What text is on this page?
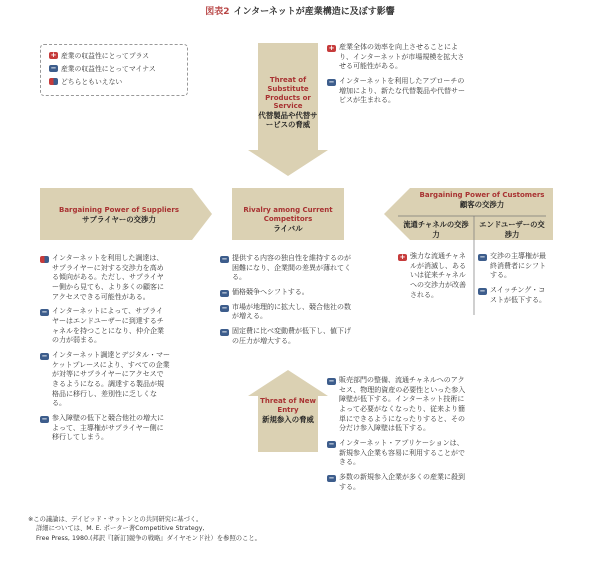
図表2 インターネットが産業構造に及ぼす影響
+ 産業の収益性にとってプラス
− 産業の収益性にとってマイナス
どちらともいえない	Threat of Substitute Products or Service
代替製品や代替サービスの脅威
Bargaining Power of Suppliers
サプライヤーの交渉力
Rivalry among Current Competitors
ライバル
Bargaining Power of Customers
顧客の交渉力
流通チャネルの交渉力
エンドユーザーの交渉力
Threat of New Entry
新規参入の脅威
+ 産業全体の効率を向上させることにより、インターネットが市場規模を拡大させる可能性がある。
− インターネットを利用したアプローチの増加により、新たな代替製品や代替サービスが生まれる。
インターネットを利用した調達は、サプライヤーに対する交渉力を高める傾向がある。ただし、サプライヤー側から見ても、より多くの顧客にアクセスできる可能性がある。
− インターネットによって、サプライヤーはエンドユーザーに到達するチャネルを持つことになり、仲介企業の力が弱まる。
− インターネット調達とデジタル・マーケットプレースにより、すべての企業が対等にサプライヤーにアクセスできるようになる。調達する製品が規格品に移行し、差別性に乏しくなる。
− 参入障壁の低下と競合他社の増大によって、主導権がサプライヤー側に移行してしまう。
− 提供する内容の独自性を維持するのが困難になり、企業間の差異が薄れてくる。
− 価格競争へシフトする。
− 市場が地理的に拡大し、競合他社の数が増える。
− 固定費に比べ変動費が低下し、値下げの圧力が増大する。
+ 強力な流通チャネルが消滅し、あるいは従来チャネルへの交渉力が改善される。
− 交渉の主導権が最終消費者にシフトする。
− スイッチング・コストが低下する。
− 販売部門の整備、流通チャネルへのアクセス、物理的資産の必要性といった参入障壁が低下する。インターネット技術によって必要がなくなったり、従来より簡単にできるようになったりすると、その分だけ参入障壁は低下する。
− インターネット・アプリケーションは、新規参入企業も容易に利用することができる。
− 多数の新規参入企業が多くの産業に殺到する。
※この議論は、デイビッド・サットンとの共同研究に基づく。
詳細については、M. E. ポーター著Competitive Strategy,
Free Press, 1980.(邦訳『[新訂]競争の戦略』ダイヤモンド社）を参照のこと。
